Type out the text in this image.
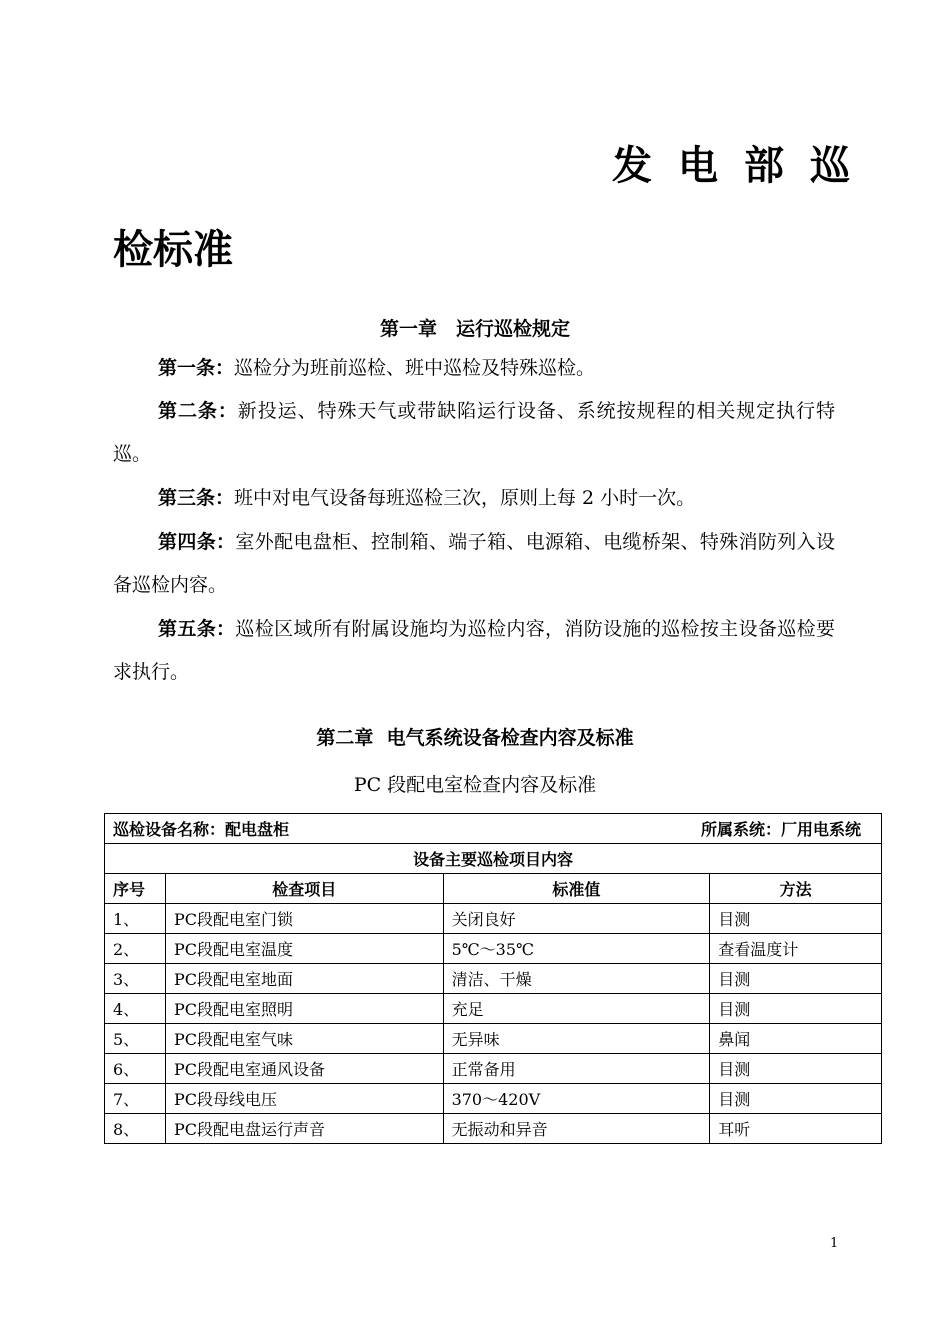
发电部巡
检标准
第一章　运行巡检规定
第一条：巡检分为班前巡检、班中巡检及特殊巡检。
第二条：新投运、特殊天气或带缺陷运行设备、系统按规程的相关规定执行特巡。
第三条：班中对电气设备每班巡检三次，原则上每 2 小时一次。
第四条：室外配电盘柜、控制箱、端子箱、电源箱、电缆桥架、特殊消防列入设备巡检内容。
第五条：巡检区域所有附属设施均为巡检内容，消防设施的巡检按主设备巡检要求执行。
第二章  电气系统设备检查内容及标准
PC 段配电室检查内容及标准
巡检设备名称：配电盘柜 所属系统：厂用电系统			

设备主要巡检项目内容			
序号	检查项目	标准值	方法
1、	PC段配电室门锁	关闭良好	目测
2、	PC段配电室温度	5℃～35℃	查看温度计
3、	PC段配电室地面	清洁、干燥	目测
4、	PC段配电室照明	充足	目测
5、	PC段配电室气味	无异味	鼻闻
6、	PC段配电室通风设备	正常备用	目测
7、	PC段母线电压	370～420V	目测
8、	PC段配电盘运行声音	无振动和异音	耳听
1
